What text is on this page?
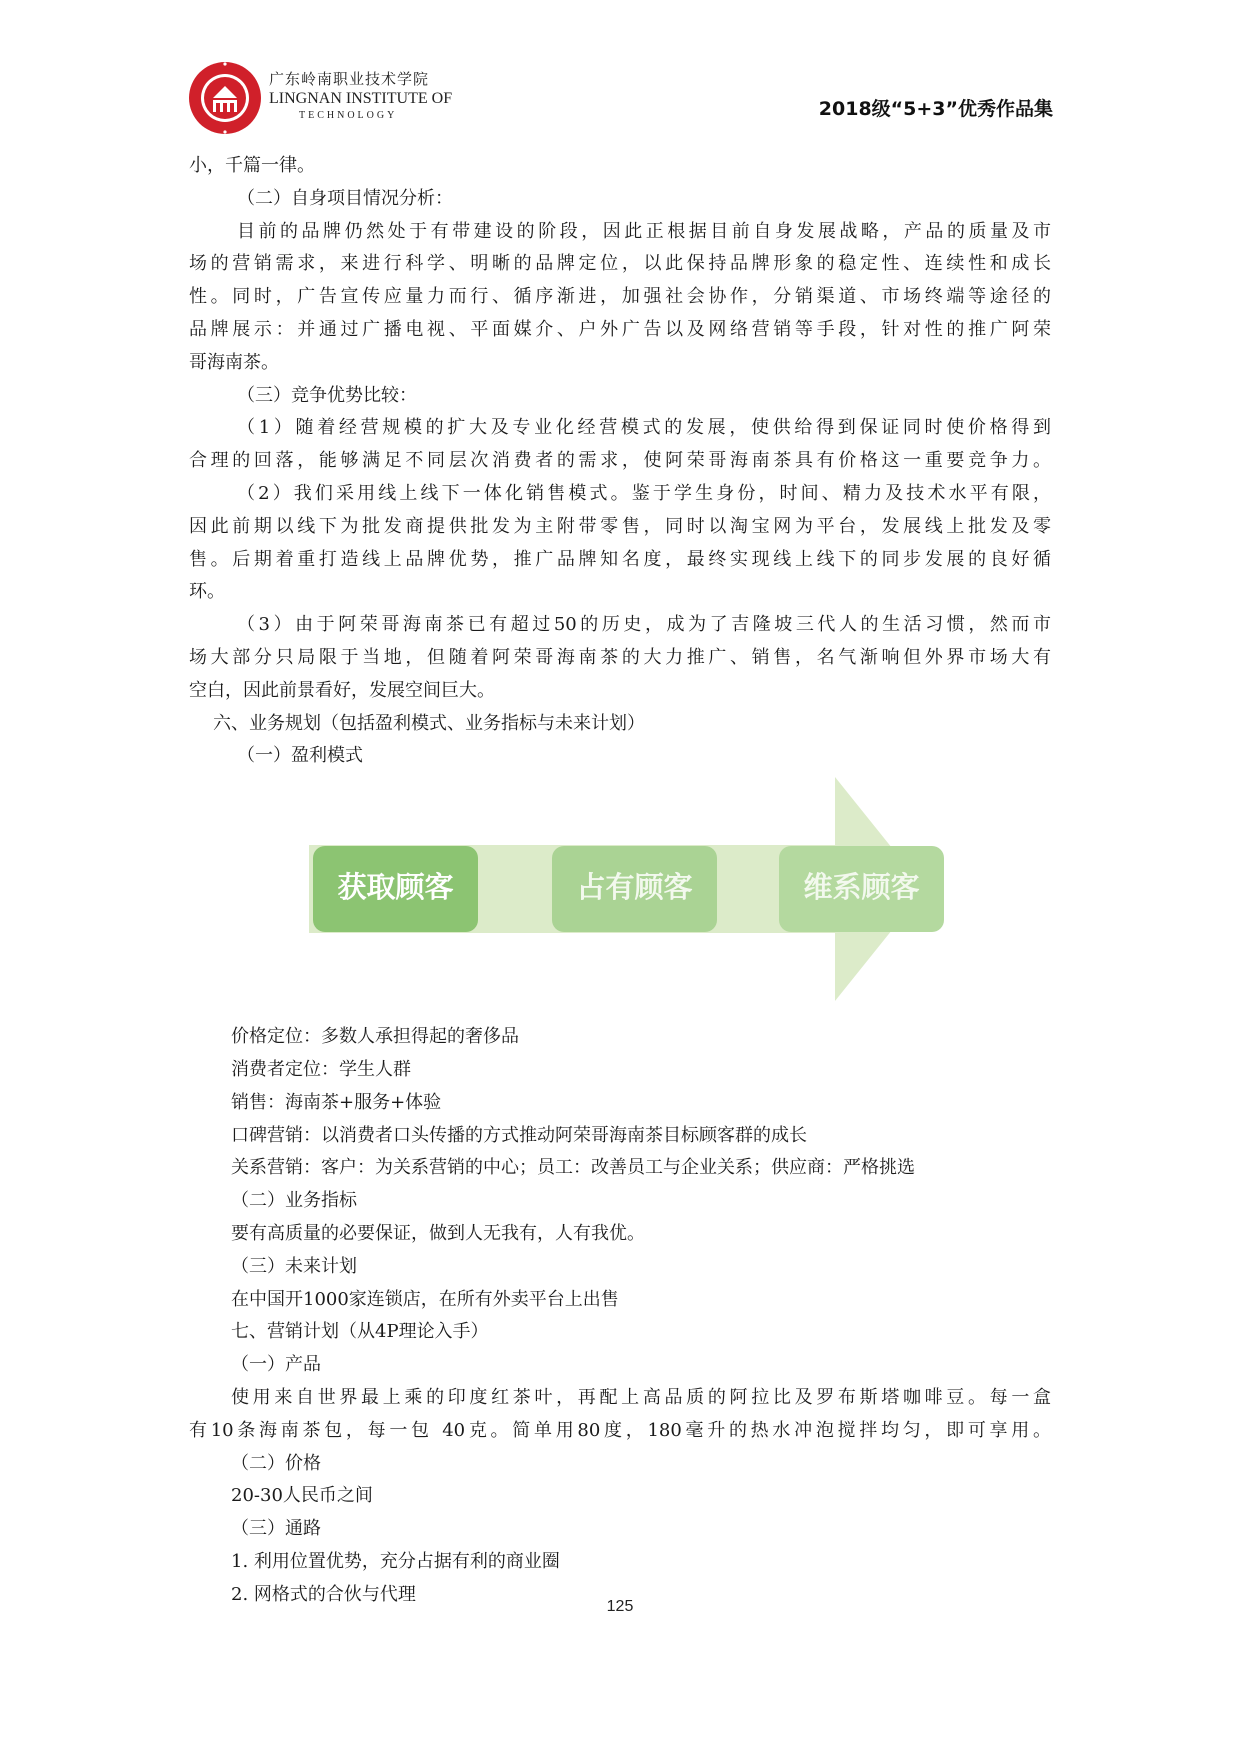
广东岭南职业技术学院
LINGNAN INSTITUTE OF
TECHNOLOGY	2018级“5+3”优秀作品集
小，千篇一律。
（二）自身项目情况分析：
目前的品牌仍然处于有带建设的阶段，因此正根据目前自身发展战略，产品的质量及市
场的营销需求，来进行科学、明晰的品牌定位，以此保持品牌形象的稳定性、连续性和成长
性。同时，广告宣传应量力而行、循序渐进，加强社会协作，分销渠道、市场终端等途径的
品牌展示：并通过广播电视、平面媒介、户外广告以及网络营销等手段，针对性的推广阿荣
哥海南茶。
（三）竞争优势比较：
（1）随着经营规模的扩大及专业化经营模式的发展，使供给得到保证同时使价格得到
合理的回落，能够满足不同层次消费者的需求，使阿荣哥海南茶具有价格这一重要竞争力。
（2）我们采用线上线下一体化销售模式。鉴于学生身份，时间、精力及技术水平有限，
因此前期以线下为批发商提供批发为主附带零售，同时以淘宝网为平台，发展线上批发及零
售。后期着重打造线上品牌优势，推广品牌知名度，最终实现线上线下的同步发展的良好循
环。
（3）由于阿荣哥海南茶已有超过50的历史，成为了吉隆坡三代人的生活习惯，然而市
场大部分只局限于当地，但随着阿荣哥海南茶的大力推广、销售，名气渐响但外界市场大有
空白，因此前景看好，发展空间巨大。
六、业务规划（包括盈利模式、业务指标与未来计划）
（一）盈利模式
获取顾客	占有顾客	维系顾客
价格定位：多数人承担得起的奢侈品
消费者定位：学生人群
销售：海南茶+服务+体验
口碑营销：以消费者口头传播的方式推动阿荣哥海南茶目标顾客群的成长
关系营销：客户：为关系营销的中心；员工：改善员工与企业关系；供应商：严格挑选
（二）业务指标
要有高质量的必要保证，做到人无我有，人有我优。
（三）未来计划
在中国开1000家连锁店，在所有外卖平台上出售
七、营销计划（从4P理论入手）
（一）产品
使用来自世界最上乘的印度红茶叶，再配上高品质的阿拉比及罗布斯塔咖啡豆。每一盒
有10条海南茶包，每一包 40克。简单用80度，180毫升的热水冲泡搅拌均匀，即可享用。
（二）价格
20-30人民币之间
（三）通路
1. 利用位置优势，充分占据有利的商业圈
2. 网格式的合伙与代理
125
